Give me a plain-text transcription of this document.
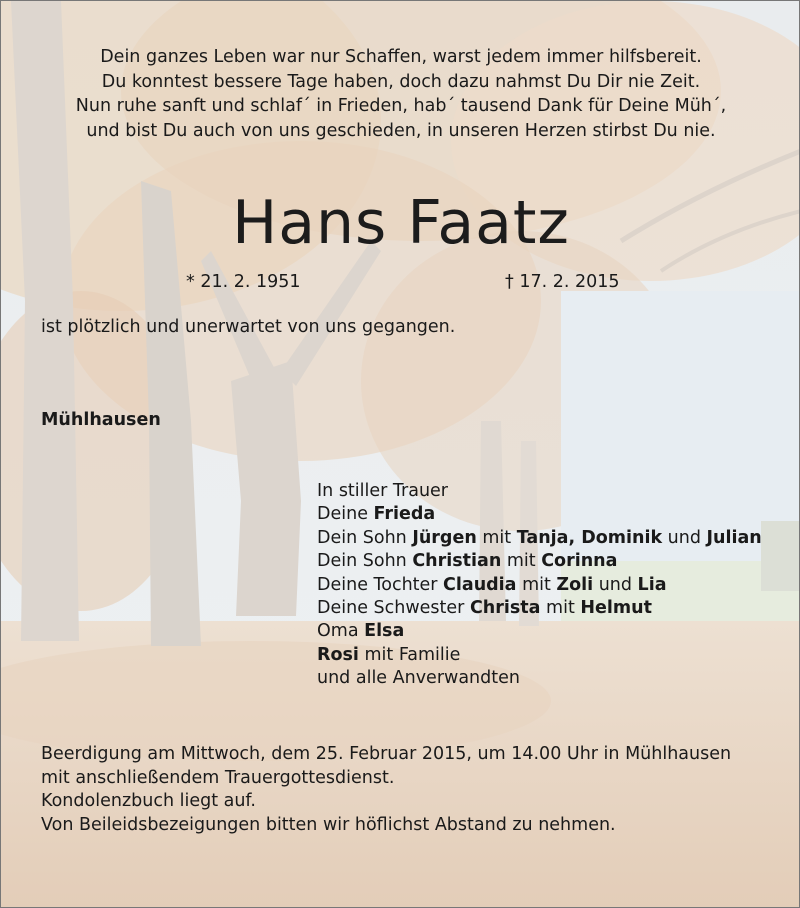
Dein ganzes Leben war nur Schaffen, warst jedem immer hilfsbereit.
Du konntest bessere Tage haben, doch dazu nahmst Du Dir nie Zeit.
Nun ruhe sanft und schlaf´ in Frieden, hab´ tausend Dank für Deine Müh´,
und bist Du auch von uns geschieden, in unseren Herzen stirbst Du nie.
Hans Faatz
* 21. 2. 1951	† 17. 2. 2015
ist plötzlich und unerwartet von uns gegangen.
Mühlhausen
In stiller Trauer
Deine Frieda
Dein Sohn Jürgen mit Tanja, Dominik und Julian
Dein Sohn Christian mit Corinna
Deine Tochter Claudia mit Zoli und Lia
Deine Schwester Christa mit Helmut
Oma Elsa
Rosi mit Familie
und alle Anverwandten
Beerdigung am Mittwoch, dem 25. Februar 2015, um 14.00 Uhr in Mühlhausen
mit anschließendem Trauergottesdienst.
Kondolenzbuch liegt auf.
Von Beileidsbezeigungen bitten wir höflichst Abstand zu nehmen.
